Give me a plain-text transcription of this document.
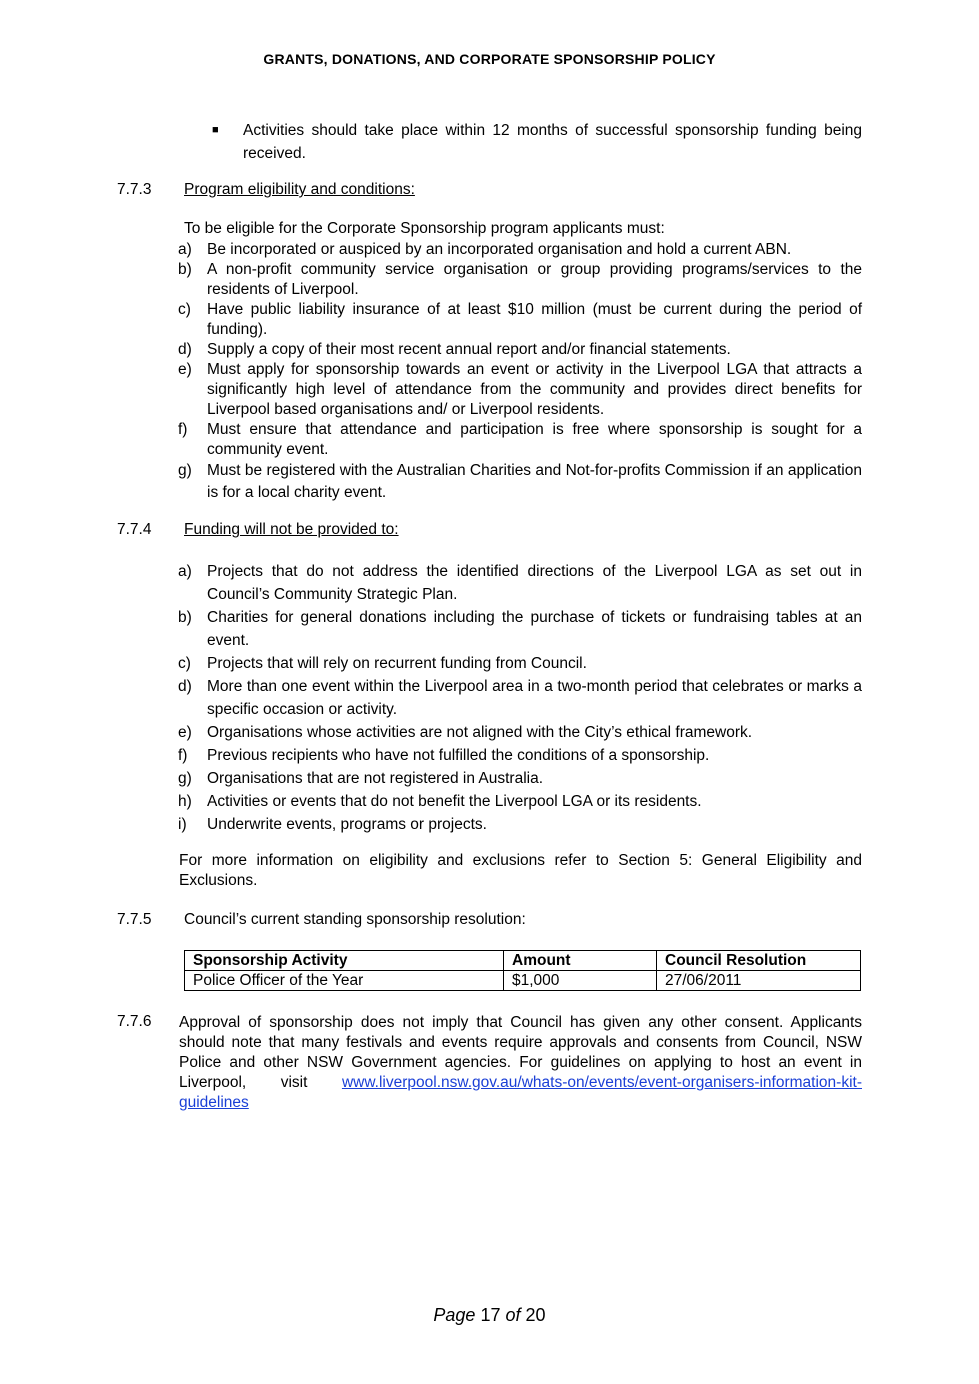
GRANTS, DONATIONS, AND CORPORATE SPONSORSHIP POLICY
■ Activities should take place within 12 months of successful sponsorship funding being received.
7.7.3 Program eligibility and conditions:
To be eligible for the Corporate Sponsorship program applicants must:
a) Be incorporated or auspiced by an incorporated organisation and hold a current ABN.
b) A non-profit community service organisation or group providing programs/services to the residents of Liverpool.
c)	Have public liability insurance of at least $10 million (must be current during the period of funding).
d) Supply a copy of their most recent annual report and/or financial statements.
e) Must apply for sponsorship towards an event or activity in the Liverpool LGA that attracts a significantly high level of attendance from the community and provides direct benefits for Liverpool based organisations and/ or Liverpool residents.
f)	Must ensure that attendance and participation is free where sponsorship is sought for a community event.
g) Must be registered with the Australian Charities and Not-for-profits Commission if an application is for a local charity event.
7.7.4 Funding will not be provided to:
a) Projects that do not address the identified directions of the Liverpool LGA as set out in Council’s Community Strategic Plan.
b) Charities for general donations including the purchase of tickets or fundraising tables at an event.
c)	Projects that will rely on recurrent funding from Council.
d) More than one event within the Liverpool area in a two-month period that celebrates or marks a specific occasion or activity.
e) Organisations whose activities are not aligned with the City’s ethical framework.
f)	Previous recipients who have not fulfilled the conditions of a sponsorship.
g) Organisations that are not registered in Australia.
h) Activities or events that do not benefit the Liverpool LGA or its residents.
i)	Underwrite events, programs or projects.
For more information on eligibility and exclusions refer to Section 5: General Eligibility and Exclusions.
7.7.5 Council’s current standing sponsorship resolution:
Sponsorship Activity	Amount	Council Resolution
Police Officer of the Year	$1,000	27/06/2011
7.7.6 Approval of sponsorship does not imply that Council has given any other consent. Applicants should note that many festivals and events require approvals and consents from Council, NSW Police and other NSW Government agencies. For guidelines on applying to host an event in Liverpool, visit www.liverpool.nsw.gov.au/whats-on/events/event-organisers-information-kit-guidelines
Page 17 of 20
